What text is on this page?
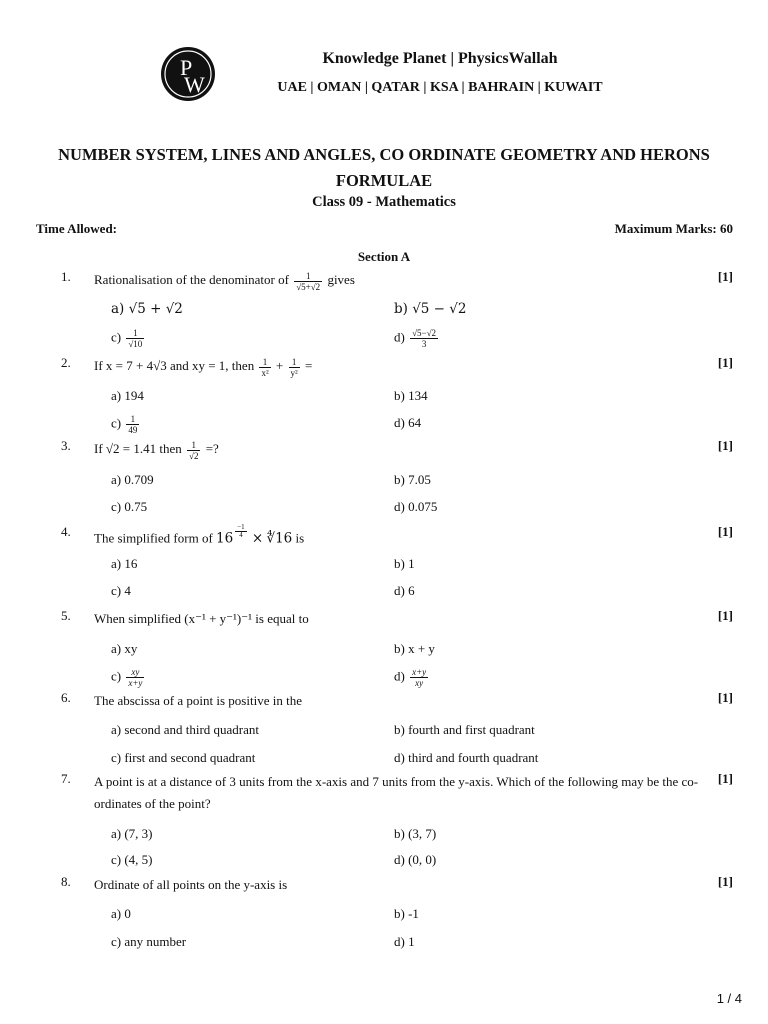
P
W
Knowledge Planet | PhysicsWallah
UAE | OMAN | QATAR | KSA | BAHRAIN | KUWAIT
NUMBER SYSTEM, LINES AND ANGLES, CO ORDINATE GEOMETRY AND HERONS FORMULAE
Class 09 - Mathematics
Time Allowed:	Maximum Marks: 60
Section A
1. Rationalisation of the denominator of $\frac{1}{√5+√2}$ gives	[1]
a) √5 + √2	b) √5 − √2
$c) \frac{1}{√10}$	$d) \frac{√5-√2}{3}$
2. If x = 7 + 4√3 and xy = 1, then $\frac{1}{\text{x²}} + \frac{1}{\text{y²}}$ =	[1]
a) 194	b) 134
$c) \frac{1}{49}$	d) 64
3. If √2 = 1.41 then $\frac{1}{√2}$ =?	[1]
a) 0.709	b) 7.05
c) 0.75	d) 0.075
4. The simplified form of $16 \frac{-1}{4}$ × ∜16 is	[1]
a) 16	b) 1
c) 4	d) 6
5. When simplified (x⁻¹ + y⁻¹)⁻¹ is equal to	[1]
a) xy	b) x + y
$c) \frac{xy}{x+y}$	$d) \frac{x+y}{xy}$
6. The abscissa of a point is positive in the	[1]
a) second and third quadrant	b) fourth and first quadrant
c) first and second quadrant	d) third and fourth quadrant
7. A point is at a distance of 3 units from the x-axis and 7 units from the y-axis. Which of the following may be the co-ordinates of the point?
[1]
a) (7, 3)	b) (3, 7)
c) (4, 5)	d) (0, 0)
8. Ordinate of all points on the y-axis is	[1]
a) 0	b) -1
c) any number	d) 1
1 / 4
